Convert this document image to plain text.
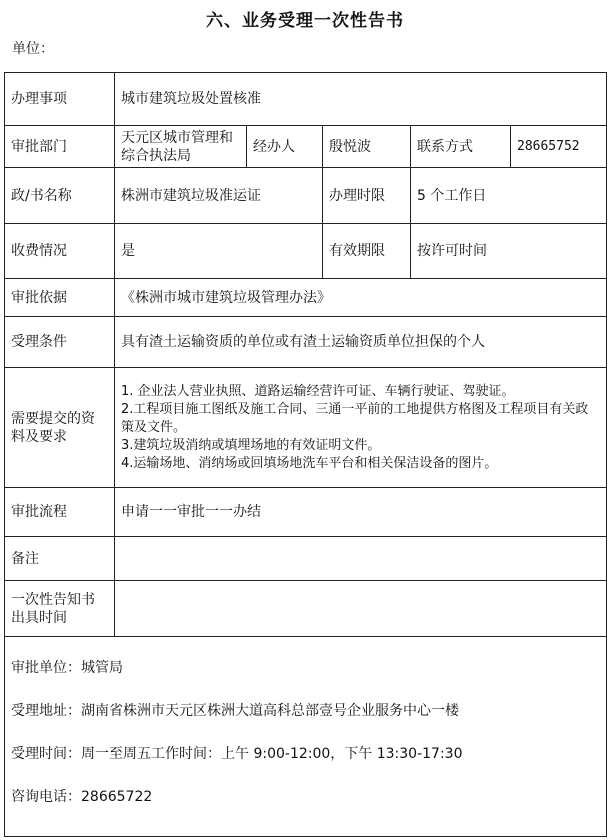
六、业务受理一次性告书
单位：
办理事项	城市建筑垃圾处置核准				
审批部门	天元区城市管理和综合执法局	经办人	殷悦波	联系方式	28665752
政/书名称	株洲市建筑垃圾准运证		办理时限	5 个工作日	
收费情况	是		有效期限	按许可时间	
审批依据	《株洲市城市建筑垃圾管理办法》				
受理条件	具有渣土运输资质的单位或有渣土运输资质单位担保的个人				
需要提交的资料及要求	1. 企业法人营业执照、道路运输经营许可证、车辆行驶证、驾驶证。
2.工程项目施工图纸及施工合同、三通一平前的工地提供方格图及工程项目有关政策及文件。
3.建筑垃圾消纳或填埋场地的有效证明文件。
4.运输场地、消纳场或回填场地洗车平台和相关保洁设备的图片。				

审批流程	申请一一审批一一办结				
备注					
一次性告知书出具时间					

审批单位：城管局
受理地址：湖南省株洲市天元区株洲大道高科总部壹号企业服务中心一楼
受理时间：周一至周五工作时间：上午 9:00-12:00，下午 13:30-17:30
咨询电话：28665722					
